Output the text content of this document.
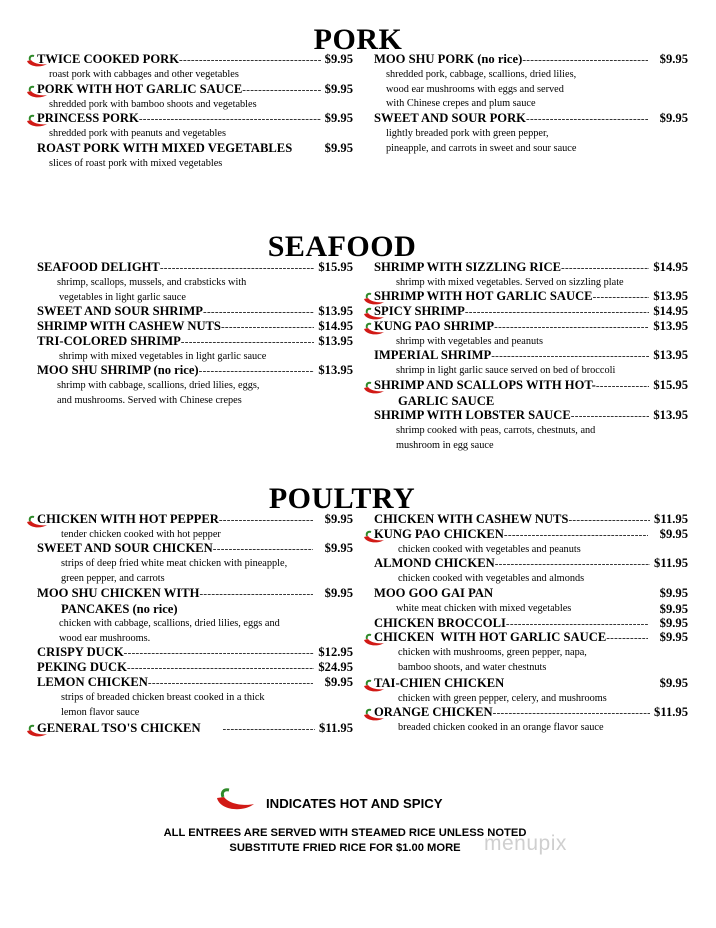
PORK
SEAFOOD
POULTRY
TWICE COOKED PORK -----	$9.95
roast pork with cabbages and other vegetables
PORK WITH HOT GARLIC SAUCE -----	$9.95
shredded pork with bamboo shoots and vegetables
PRINCESS PORK -----	$9.95
shredded pork with peanuts and vegetables
ROAST PORK WITH MIXED VEGETABLES	$9.95
slices of roast pork with mixed vegetables
MOO SHU PORK (no rice) -----	$9.95
shredded pork, cabbage, scallions, dried lilies,
wood ear mushrooms with eggs and served
with Chinese crepes and plum sauce
SWEET AND SOUR PORK -----	$9.95
lightly breaded pork with green pepper,
pineapple, and carrots in sweet and sour sauce
SEAFOOD DELIGHT -----	$15.95
shrimp, scallops, mussels, and crabsticks with
vegetables in light garlic sauce
SWEET AND SOUR SHRIMP -----	$13.95
SHRIMP WITH CASHEW NUTS -----	$14.95
TRI-COLORED SHRIMP -----	$13.95
shrimp with mixed vegetables in light garlic sauce
MOO SHU SHRIMP (no rice) -----	$13.95
shrimp with cabbage, scallions, dried lilies, eggs,
and mushrooms. Served with Chinese crepes
SHRIMP WITH SIZZLING RICE -----	$14.95
shrimp with mixed vegetables. Served on sizzling plate
SHRIMP WITH HOT GARLIC SAUCE -----	$13.95
SPICY SHRIMP -----	$14.95
KUNG PAO SHRIMP -----	$13.95
shrimp with vegetables and peanuts
IMPERIAL SHRIMP -----	$13.95
shrimp in light garlic sauce served on bed of broccoli
SHRIMP AND SCALLOPS WITH HOT- -----	$15.95
GARLIC SAUCE
SHRIMP WITH LOBSTER SAUCE -----	$13.95
shrimp cooked with peas, carrots, chestnuts, and
mushroom in egg sauce
CHICKEN WITH HOT PEPPER -----	$9.95
tender chicken cooked with hot pepper
SWEET AND SOUR CHICKEN -----	$9.95
strips of deep fried white meat chicken with pineapple,
green pepper, and carrots
MOO SHU CHICKEN WITH -----	$9.95
PANCAKES (no rice)
chicken with cabbage, scallions, dried lilies, eggs and
wood ear mushrooms.
CRISPY DUCK -----	$12.95
PEKING DUCK -----	$24.95
LEMON CHICKEN -----	$9.95
strips of breaded chicken breast cooked in a thick
lemon flavor sauce
GENERAL TSO'S CHICKEN -----	$11.95
CHICKEN WITH CASHEW NUTS -----	$11.95
KUNG PAO CHICKEN -----	$9.95
chicken cooked with vegetables and peanuts
ALMOND CHICKEN -----	$11.95
chicken cooked with vegetables and almonds
MOO GOO GAI PAN	$9.95
white meat chicken with mixed vegetables	$9.95
CHICKEN BROCCOLI -----	$9.95
CHICKEN  WITH HOT GARLIC SAUCE -----	$9.95
chicken with mushrooms, green pepper, napa,
bamboo shoots, and water chestnuts
TAI-CHIEN CHICKEN	$9.95
chicken with green pepper, celery, and mushrooms
ORANGE CHICKEN -----	$11.95
breaded chicken cooked in an orange flavor sauce
INDICATES HOT AND SPICY
ALL ENTREES ARE SERVED WITH STEAMED RICE UNLESS NOTED
SUBSTITUTE FRIED RICE FOR $1.00 MORE	menupix
